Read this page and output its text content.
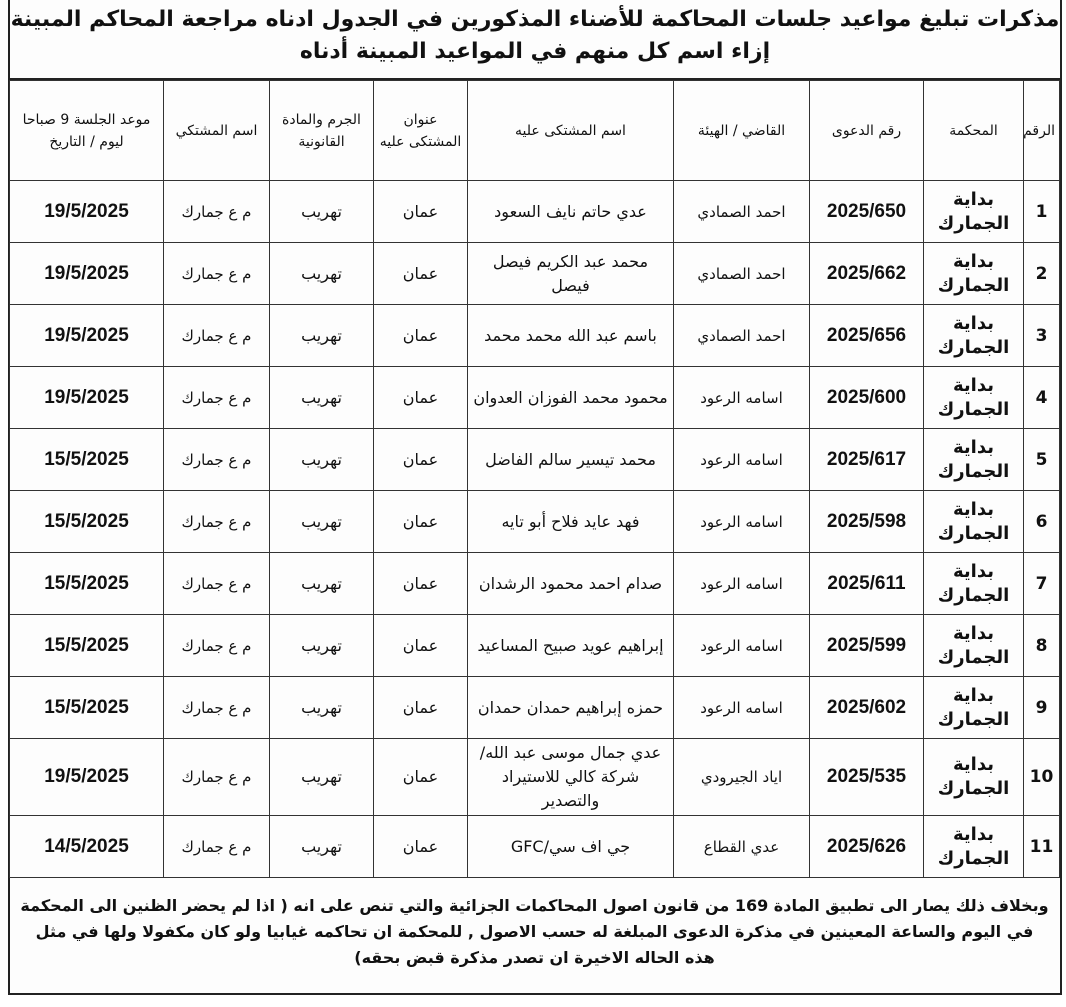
مذكرات تبليغ مواعيد جلسات المحاكمة للأضناء المذكورين في الجدول ادناه مراجعة المحاكم المبينة إزاء اسم كل منهم في المواعيد المبينة أدناه
الرقم	المحكمة	رقم الدعوى	القاضي / الهيئة	اسم المشتكى عليه	عنوان المشتكى عليه	الجرم والمادة القانونية	اسم المشتكي	موعد الجلسة 9 صباحا ليوم / التاريخ
1	بداية الجمارك	2025/650	احمد الصمادي	عدي حاتم نايف السعود	عمان	تهريب	م ع جمارك	19/5/2025
2	بداية الجمارك	2025/662	احمد الصمادي	محمد عبد الكريم فيصل فيصل	عمان	تهريب	م ع جمارك	19/5/2025
3	بداية الجمارك	2025/656	احمد الصمادي	باسم عبد الله محمد محمد	عمان	تهريب	م ع جمارك	19/5/2025
4	بداية الجمارك	2025/600	اسامه الرعود	محمود محمد الفوزان العدوان	عمان	تهريب	م ع جمارك	19/5/2025
5	بداية الجمارك	2025/617	اسامه الرعود	محمد تيسير سالم الفاضل	عمان	تهريب	م ع جمارك	15/5/2025
6	بداية الجمارك	2025/598	اسامه الرعود	فهد عايد فلاح أبو تايه	عمان	تهريب	م ع جمارك	15/5/2025
7	بداية الجمارك	2025/611	اسامه الرعود	صدام احمد محمود الرشدان	عمان	تهريب	م ع جمارك	15/5/2025
8	بداية الجمارك	2025/599	اسامه الرعود	إبراهيم عويد صبيح المساعيد	عمان	تهريب	م ع جمارك	15/5/2025
9	بداية الجمارك	2025/602	اسامه الرعود	حمزه إبراهيم حمدان حمدان	عمان	تهريب	م ع جمارك	15/5/2025
10	بداية الجمارك	2025/535	اياد الجيرودي	عدي جمال موسى عبد الله/شركة كالي للاستيراد والتصدير	عمان	تهريب	م ع جمارك	19/5/2025
11	بداية الجمارك	2025/626	عدي القطاع	جي اف سي/GFC	عمان	تهريب	م ع جمارك	14/5/2025
وبخلاف ذلك يصار الى تطبيق المادة 169 من قانون اصول المحاكمات الجزائية والتي تنص على انه ( اذا لم يحضر الظنين الى المحكمة في اليوم والساعة المعينين في مذكرة الدعوى المبلغة له حسب الاصول , للمحكمة ان تحاكمه غيابيا ولو كان مكفولا ولها في مثل هذه الحاله الاخيرة ان تصدر مذكرة قبض بحقه)								
